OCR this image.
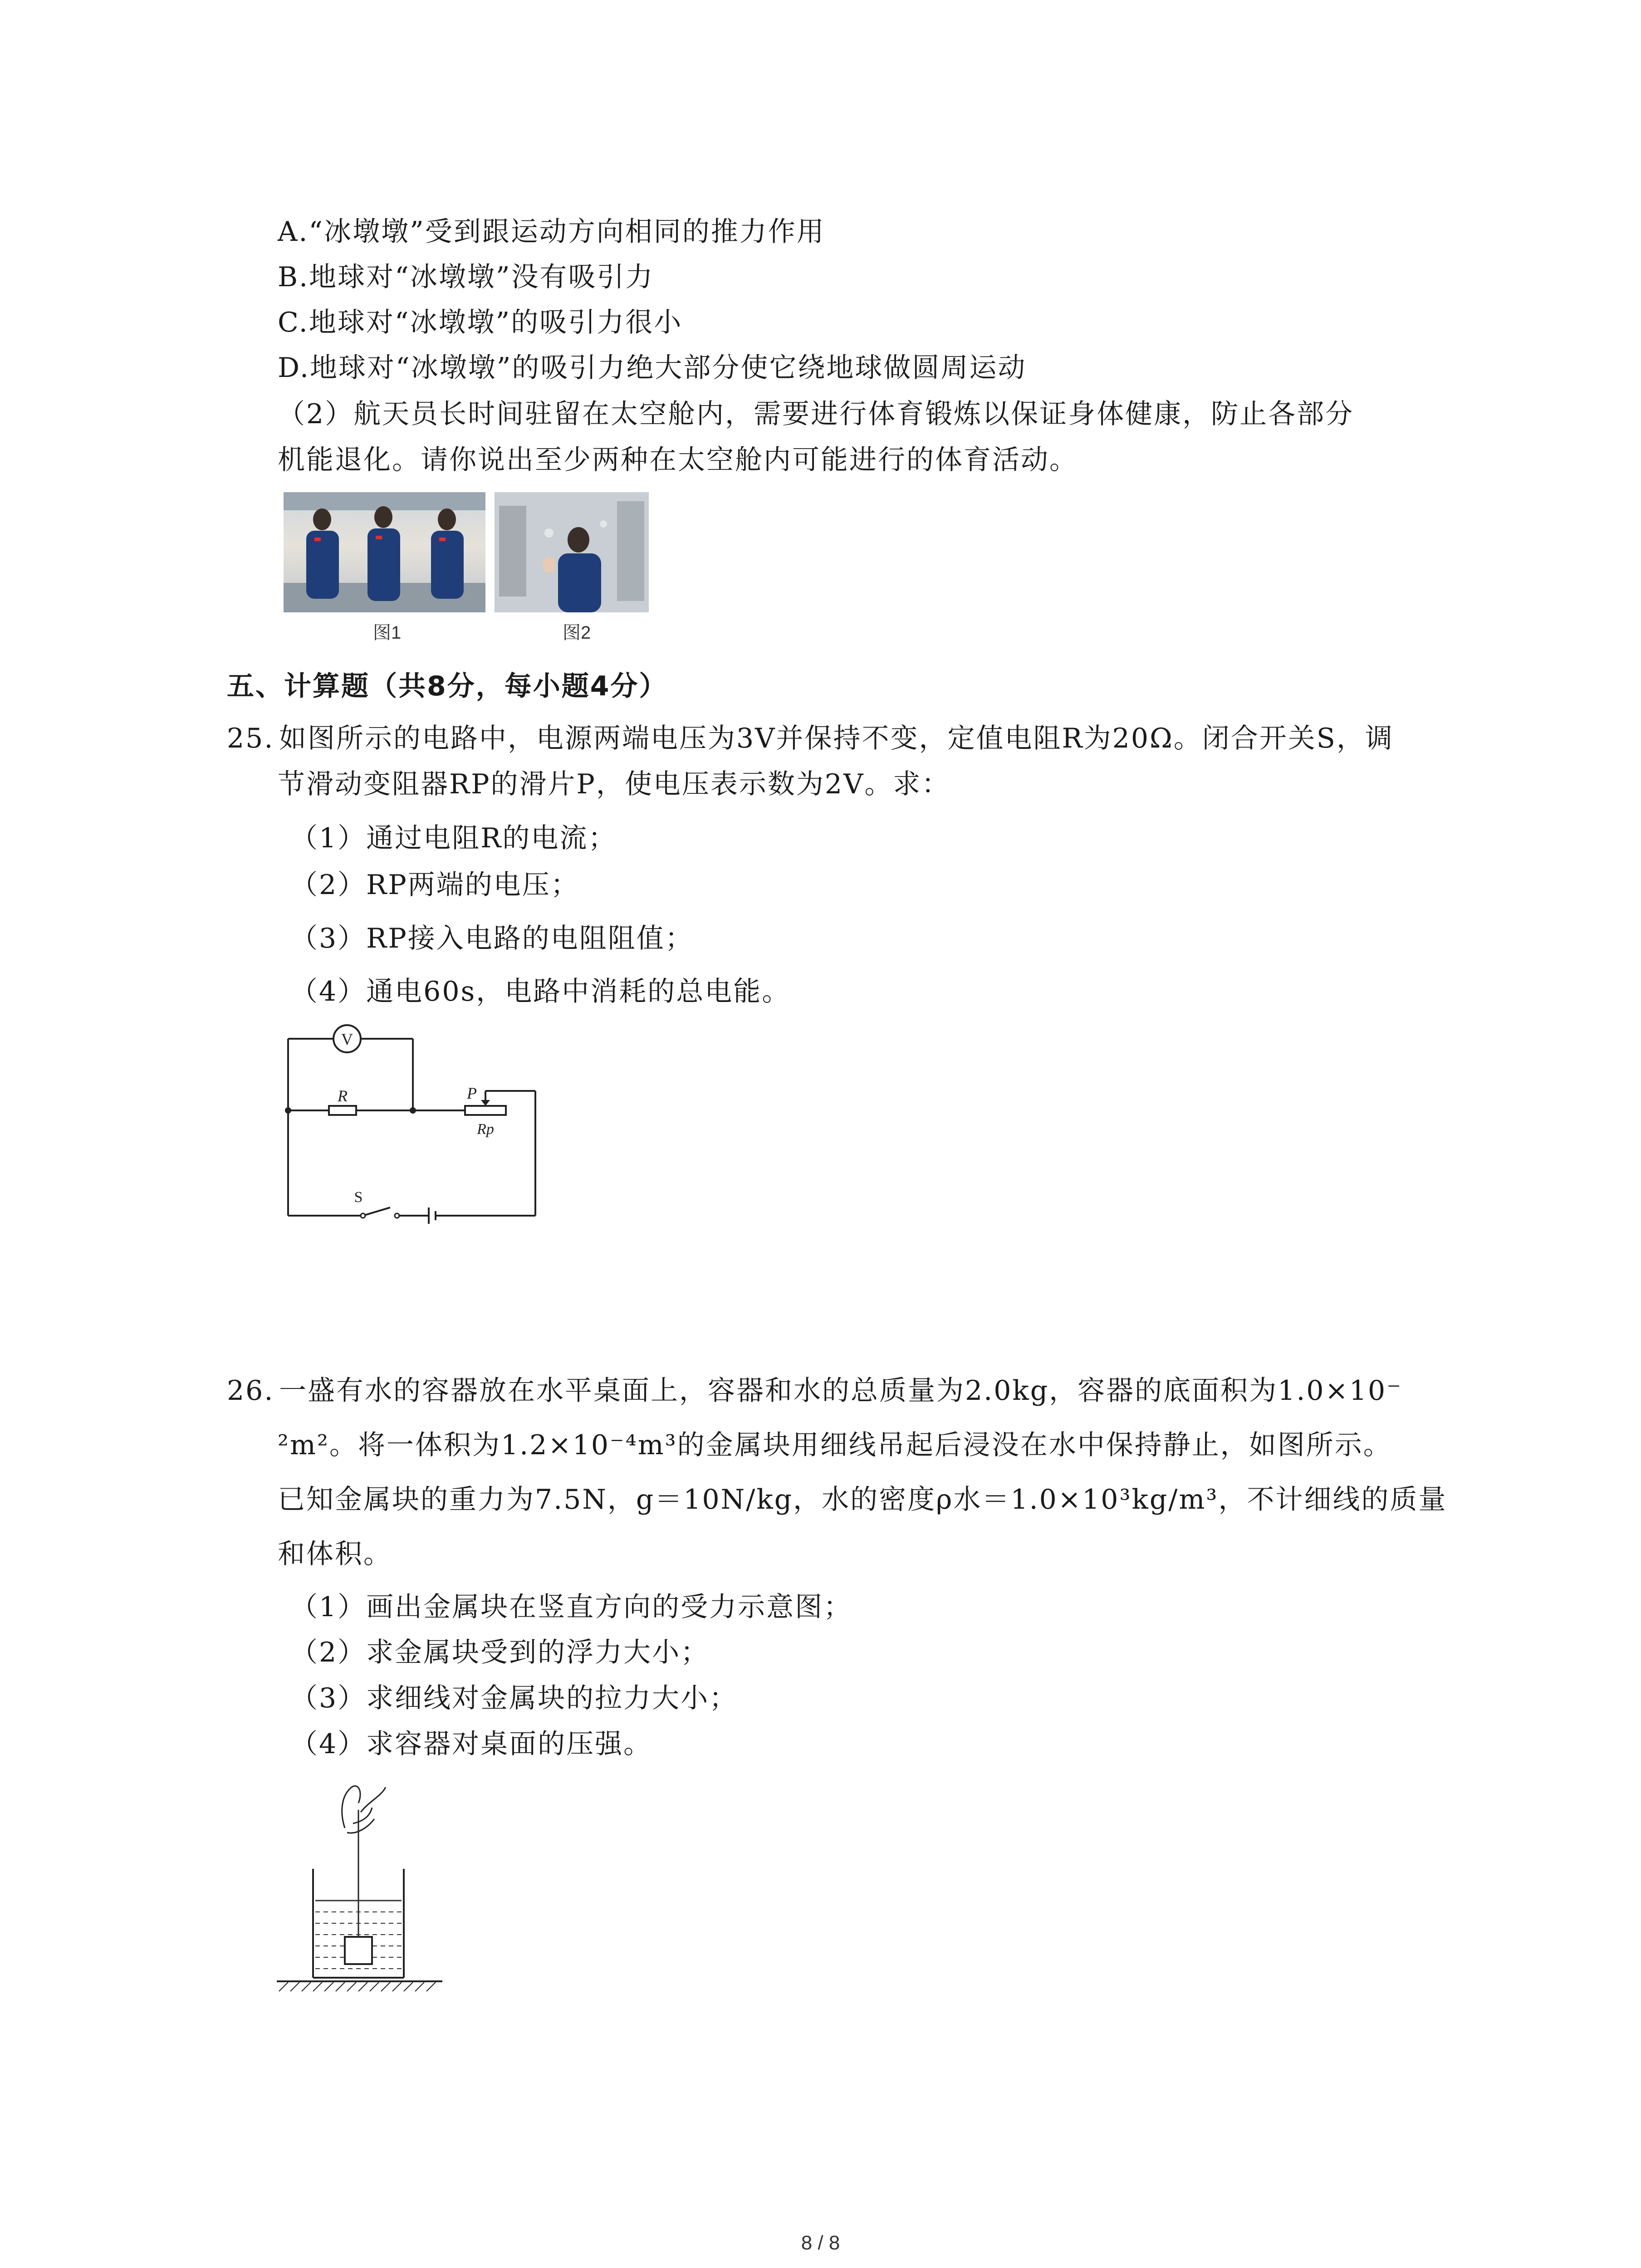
A.“冰墩墩”受到跟运动方向相同的推力作用
B.地球对“冰墩墩”没有吸引力
C.地球对“冰墩墩”的吸引力很小
D.地球对“冰墩墩”的吸引力绝大部分使它绕地球做圆周运动
（2）航天员长时间驻留在太空舱内，需要进行体育锻炼以保证身体健康，防止各部分
机能退化。请你说出至少两种在太空舱内可能进行的体育活动。
图1	图2
五、计算题（共8分，每小题4分）
25. 如图所示的电路中，电源两端电压为3V并保持不变，定值电阻R为20Ω。闭合开关S，调
节滑动变阻器RP的滑片P，使电压表示数为2V。求：
（1）通过电阻R的电流；
（2）RP两端的电压；
（3）RP接入电路的电阻阻值；
（4）通电60s，电路中消耗的总电能。
V
R	P
Rp
S
26. 一盛有水的容器放在水平桌面上，容器和水的总质量为2.0kg，容器的底面积为1.0×10⁻
²m²。将一体积为1.2×10⁻⁴m³的金属块用细线吊起后浸没在水中保持静止，如图所示。
已知金属块的重力为7.5N，g＝10N/kg，水的密度ρ水＝1.0×10³kg/m³，不计细线的质量
和体积。
（1）画出金属块在竖直方向的受力示意图；
（2）求金属块受到的浮力大小；
（3）求细线对金属块的拉力大小；
（4）求容器对桌面的压强。
8 / 8
